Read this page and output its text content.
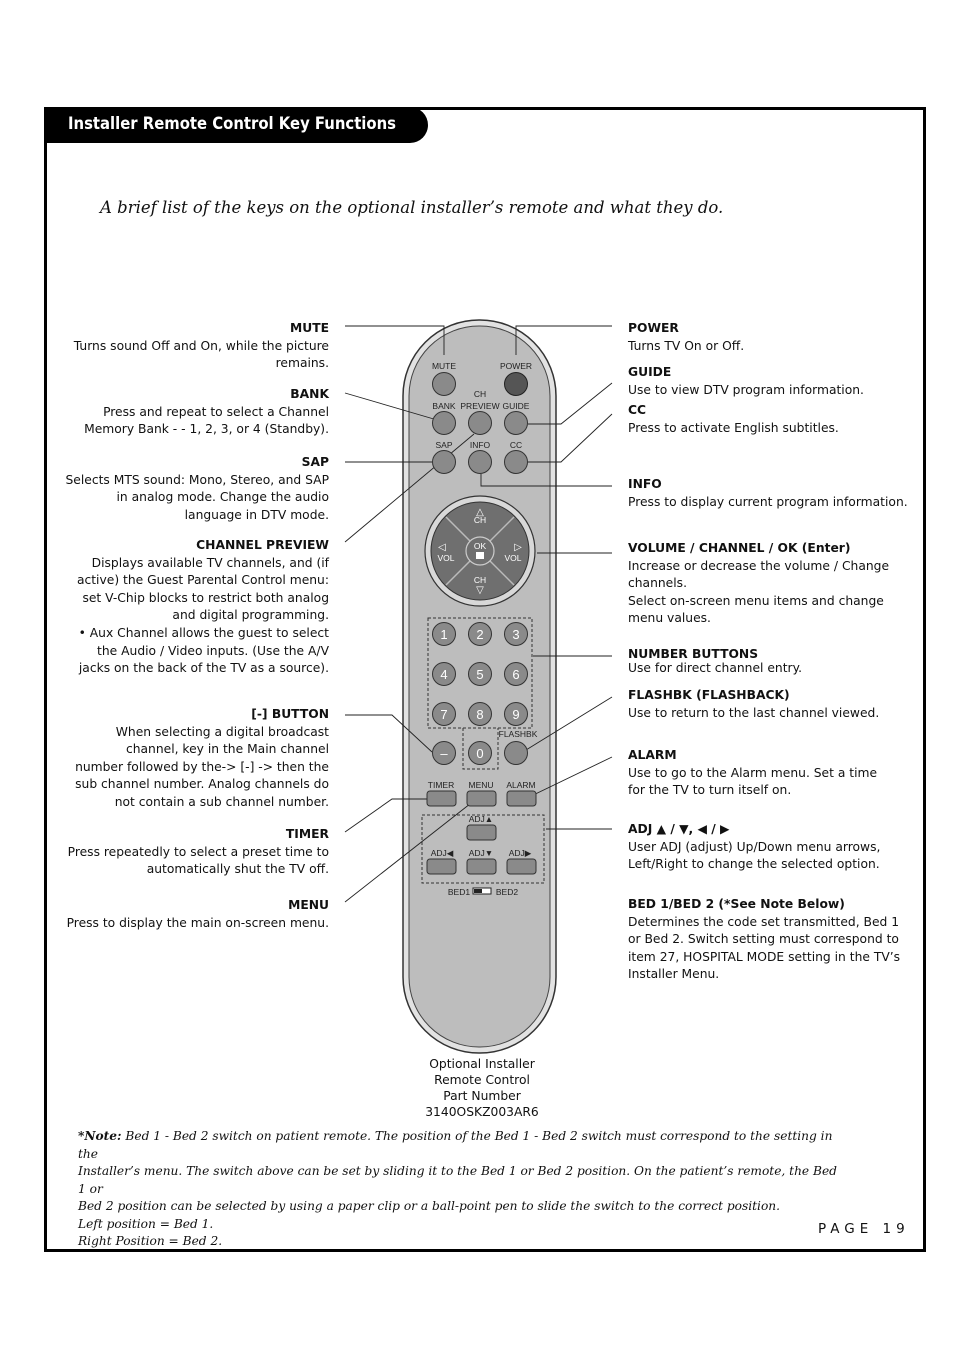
Installer Remote Control Key Functions
A brief list of the keys on the optional installer’s remote and what they do.
MUTE
Turns sound Off and On, while the picture
remains.
BANK
Press and repeat to select a Channel
Memory Bank - - 1, 2, 3, or 4 (Standby).
SAP
Selects MTS sound: Mono, Stereo, and SAP
in analog mode. Change the audio
language in DTV mode.
CHANNEL PREVIEW
Displays available TV channels, and (if
active) the Guest Parental Control menu:
set V-Chip blocks to restrict both analog
and digital programming.
• Aux Channel allows the guest to select
the Audio / Video inputs. (Use the A/V
jacks on the back of the TV as a source).
[-] BUTTON
When selecting a digital broadcast
channel, key in the Main channel
number followed by the-> [-] -> then the
sub channel number. Analog channels do
not contain a sub channel number.
TIMER
Press repeatedly to select a preset time to
automatically shut the TV off.
MENU
Press to display the main on-screen menu.
POWER
Turns TV On or Off.
GUIDE
Use to view DTV program information.
CC
Press to activate English subtitles.
INFO
Press to display current program information.
VOLUME / CHANNEL / OK (Enter)
Increase or decrease the volume / Change
channels.
Select on-screen menu items and change
menu values.
NUMBER BUTTONS
Use for direct channel entry.
FLASHBK (FLASHBACK)
Use to return to the last channel viewed.
ALARM
Use to go to the Alarm menu. Set a time
for the TV to turn itself on.
ADJ ▲ / ▼, ◀ / ▶
User ADJ (adjust) Up/Down menu arrows,
Left/Right to change the selected option.
BED 1/BED 2 (*See Note Below)
Determines the code set transmitted, Bed 1
or Bed 2. Switch setting must correspond to
item 27, HOSPITAL MODE setting in the TV’s
Installer Menu.
MUTE	POWER
CH
PREVIEW
BANK	GUIDE
SAP INFO CC
OK
△
CH
CH
▽
◁
VOL
▷
VOL
1 2 3
4 5 6
7 8 9
– 0
FLASHBK
TIMER MENU ALARM
ADJ▲
ADJ◀ ADJ▼ ADJ▶
BED1	BED2
Optional Installer
Remote Control
Part Number
3140OSKZ003AR6
*Note: Bed 1 - Bed 2 switch on patient remote. The position of the Bed 1 - Bed 2 switch must correspond to the setting in the
Installer’s menu. The switch above can be set by sliding it to the Bed 1 or Bed 2 position. On the patient’s remote, the Bed 1 or
Bed 2 position can be selected by using a paper clip or a ball-point pen to slide the switch to the correct position.
Left position = Bed 1.
Right Position = Bed 2.
PAGE 19
